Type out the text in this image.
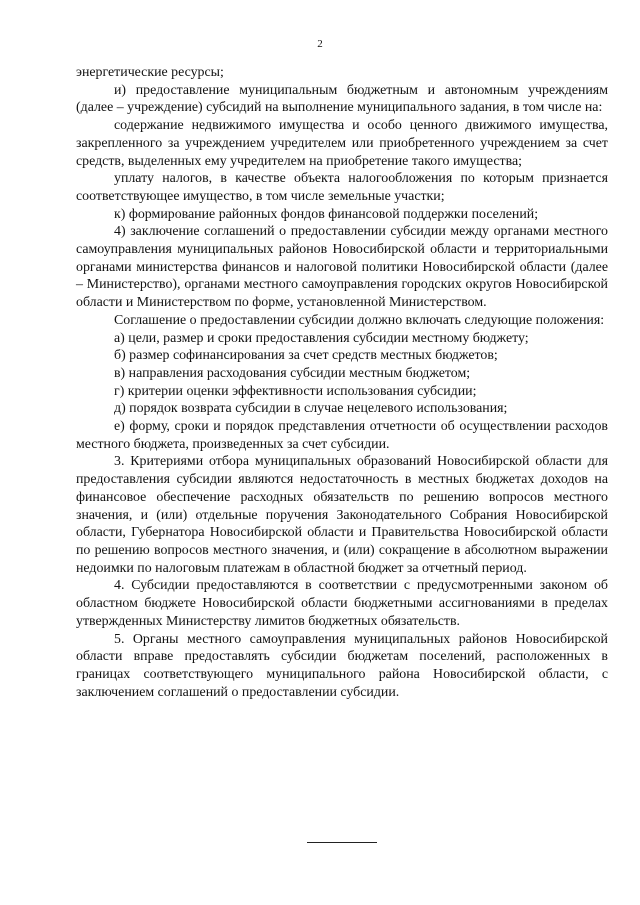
2

энергетические ресурсы;

и) предоставление муниципальным бюджетным и автономным учреждениям (далее – учреждение) субсидий на выполнение муниципального задания, в том числе на:

содержание недвижимого имущества и особо ценного движимого имущества, закрепленного за учреждением учредителем или приобретенного учреждением за счет средств, выделенных ему учредителем на приобретение такого имущества;

уплату налогов, в качестве объекта налогообложения по которым признается соответствующее имущество, в том числе земельные участки;

к) формирование районных фондов финансовой поддержки поселений;

4) заключение соглашений о предоставлении субсидии между органами местного самоуправления муниципальных районов Новосибирской области и территориальными органами министерства финансов и налоговой политики Новосибирской области (далее – Министерство), органами местного самоуправления городских округов Новосибирской области и Министерством по форме, установленной Министерством.

Соглашение о предоставлении субсидии должно включать следующие положения:

а) цели, размер и сроки предоставления субсидии местному бюджету;

б) размер софинансирования за счет средств местных бюджетов;

в) направления расходования субсидии местным бюджетом;

г) критерии оценки эффективности использования субсидии;

д) порядок возврата субсидии в случае нецелевого использования;

е) форму, сроки и порядок представления отчетности об осуществлении расходов местного бюджета, произведенных за счет субсидии.

3. Критериями отбора муниципальных образований Новосибирской области для предоставления субсидии являются недостаточность в местных бюджетах доходов на финансовое обеспечение расходных обязательств по решению вопросов местного значения, и (или) отдельные поручения Законодательного Собрания Новосибирской области, Губернатора Новосибирской области и Правительства Новосибирской области по решению вопросов местного значения, и (или) сокращение в абсолютном выражении недоимки по налоговым платежам в областной бюджет за отчетный период.

4. Субсидии предоставляются в соответствии с предусмотренными законом об областном бюджете Новосибирской области бюджетными ассигнованиями в пределах утвержденных Министерству лимитов бюджетных обязательств.

5. Органы местного самоуправления муниципальных районов Новосибирской области вправе предоставлять субсидии бюджетам поселений, расположенных в границах соответствующего муниципального района Новосибирской области, с заключением соглашений о предоставлении субсидии.
